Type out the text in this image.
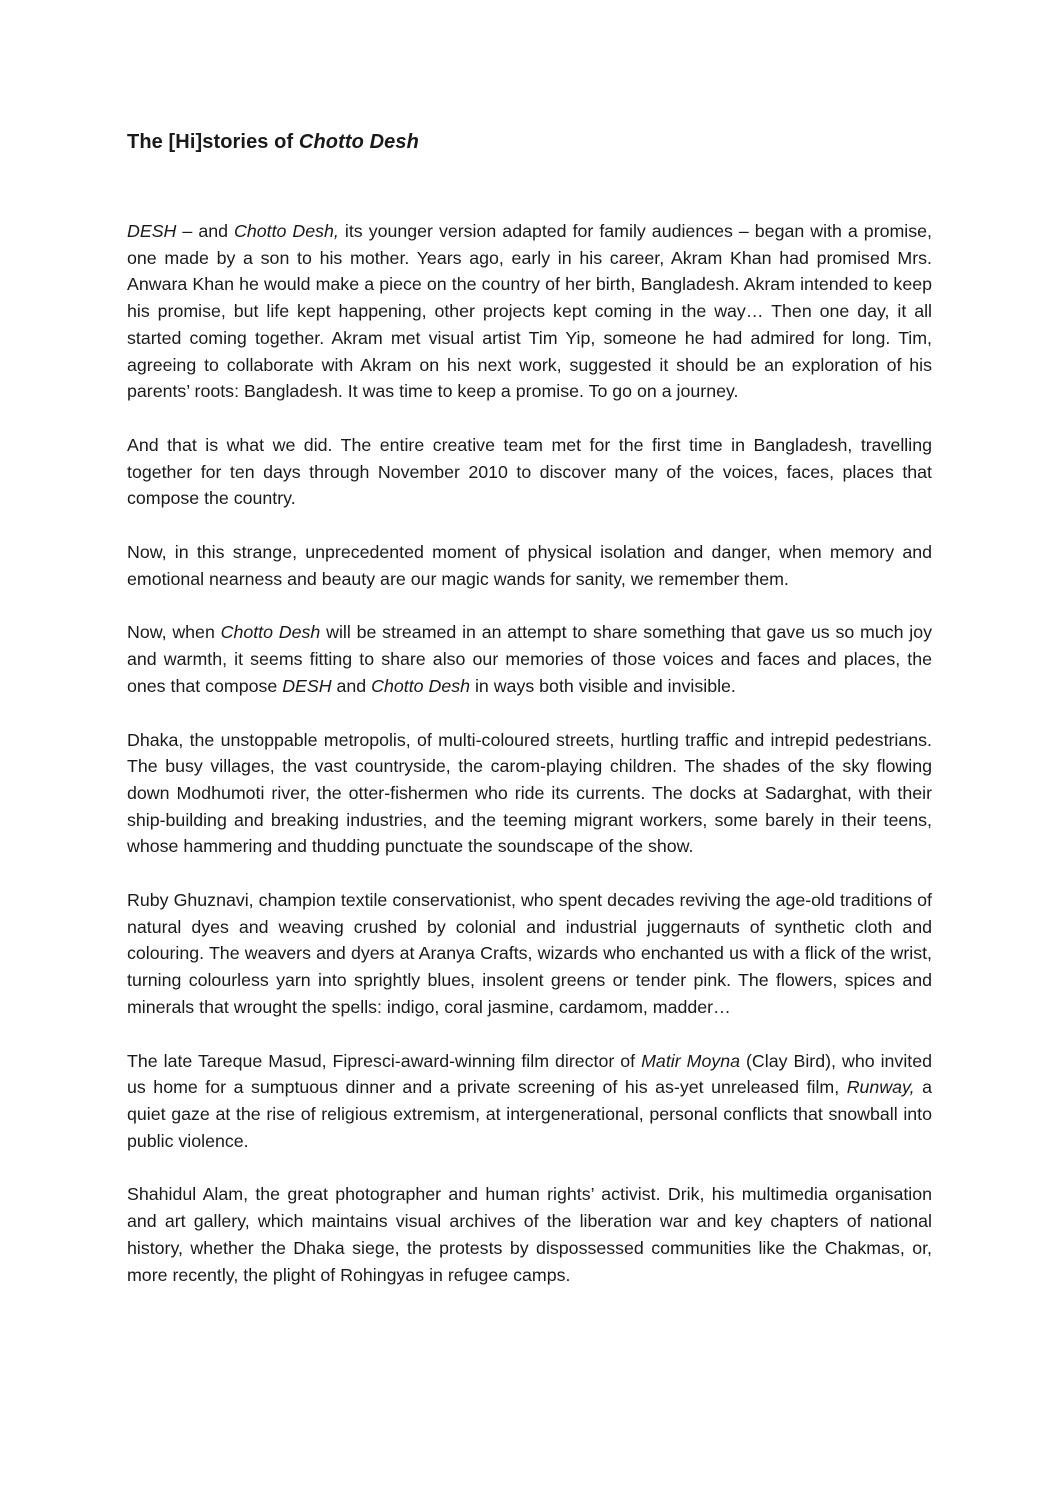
The [Hi]stories of Chotto Desh

DESH – and Chotto Desh, its younger version adapted for family audiences – began with a promise, one made by a son to his mother. Years ago, early in his career, Akram Khan had promised Mrs. Anwara Khan he would make a piece on the country of her birth, Bangladesh. Akram intended to keep his promise, but life kept happening, other projects kept coming in the way… Then one day, it all started coming together. Akram met visual artist Tim Yip, someone he had admired for long. Tim, agreeing to collaborate with Akram on his next work, suggested it should be an exploration of his parents’ roots: Bangladesh. It was time to keep a promise. To go on a journey.

And that is what we did. The entire creative team met for the first time in Bangladesh, travelling together for ten days through November 2010 to discover many of the voices, faces, places that compose the country.

Now, in this strange, unprecedented moment of physical isolation and danger, when memory and emotional nearness and beauty are our magic wands for sanity, we remember them.

Now, when Chotto Desh will be streamed in an attempt to share something that gave us so much joy and warmth, it seems fitting to share also our memories of those voices and faces and places, the ones that compose DESH and Chotto Desh in ways both visible and invisible.

Dhaka, the unstoppable metropolis, of multi-coloured streets, hurtling traffic and intrepid pedestrians. The busy villages, the vast countryside, the carom-playing children. The shades of the sky flowing down Modhumoti river, the otter-fishermen who ride its currents. The docks at Sadarghat, with their ship-building and breaking industries, and the teeming migrant workers, some barely in their teens, whose hammering and thudding punctuate the soundscape of the show.

Ruby Ghuznavi, champion textile conservationist, who spent decades reviving the age-old traditions of natural dyes and weaving crushed by colonial and industrial juggernauts of synthetic cloth and colouring. The weavers and dyers at Aranya Crafts, wizards who enchanted us with a flick of the wrist, turning colourless yarn into sprightly blues, insolent greens or tender pink. The flowers, spices and minerals that wrought the spells: indigo, coral jasmine, cardamom, madder…

The late Tareque Masud, Fipresci-award-winning film director of Matir Moyna (Clay Bird), who invited us home for a sumptuous dinner and a private screening of his as-yet unreleased film, Runway, a quiet gaze at the rise of religious extremism, at intergenerational, personal conflicts that snowball into public violence.

Shahidul Alam, the great photographer and human rights’ activist. Drik, his multimedia organisation and art gallery, which maintains visual archives of the liberation war and key chapters of national history, whether the Dhaka siege, the protests by dispossessed communities like the Chakmas, or, more recently, the plight of Rohingyas in refugee camps.
